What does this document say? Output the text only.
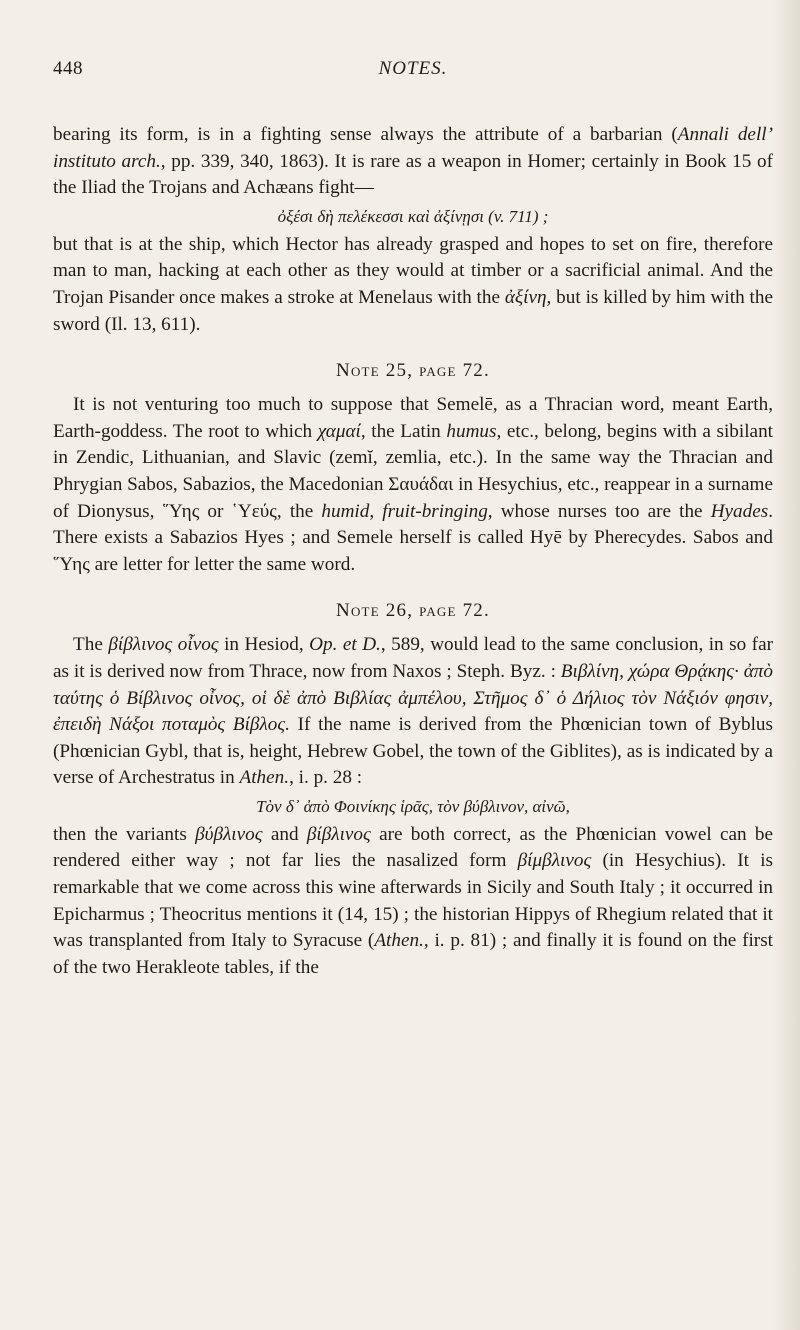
448	NOTES.

bearing its form, is in a fighting sense always the attribute of a barbarian (Annali dell’ instituto arch., pp. 339, 340, 1863). It is rare as a weapon in Homer; certainly in Book 15 of the Iliad the Trojans and Achæans fight—

ὀξέσι δὴ πελέκεσσι καὶ ἀξίνῃσι (v. 711) ;

but that is at the ship, which Hector has already grasped and hopes to set on fire, therefore man to man, hacking at each other as they would at timber or a sacrificial animal. And the Trojan Pisander once makes a stroke at Menelaus with the ἀξίνη, but is killed by him with the sword (Il. 13, 611).

Note 25, page 72.

It is not venturing too much to suppose that Semelē, as a Thracian word, meant Earth, Earth-goddess. The root to which χαμαί, the Latin humus, etc., belong, begins with a sibilant in Zendic, Lithuanian, and Slavic (zemĭ, zemlia, etc.). In the same way the Thracian and Phrygian Sabos, Sabazios, the Macedonian Σαυάδαι in Hesychius, etc., reappear in a surname of Dionysus, ῞Υης or ῾Υεύς, the humid, fruit-bringing, whose nurses too are the Hyades. There exists a Sabazios Hyes ; and Semele herself is called Hyē by Pherecydes. Sabos and ῞Υης are letter for letter the same word.

Note 26, page 72.

The βίβλινος οἶνος in Hesiod, Op. et D., 589, would lead to the same conclusion, in so far as it is derived now from Thrace, now from Naxos ; Steph. Byz. : Βιβλίνη, χώρα Θρᾴκης· ἀπὸ ταύτης ὁ Βίβλινος οἶνος, οἱ δὲ ἀπὸ Βιβλίας ἀμπέλου, Στῆμος δ᾽ ὁ Δήλιος τὸν Νάξιόν φησιν, ἐπειδὴ Νάξοι ποταμὸς Βίβλος. If the name is derived from the Phœnician town of Byblus (Phœnician Gybl, that is, height, Hebrew Gobel, the town of the Giblites), as is indicated by a verse of Archestratus in Athen., i. p. 28 :

Τὸν δ᾽ ἀπὸ Φοινίκης ἱρᾶς, τὸν βύβλινον, αἰνῶ,

then the variants βύβλινος and βίβλινος are both correct, as the Phœnician vowel can be rendered either way ; not far lies the nasalized form βίμβλινος (in Hesychius). It is remarkable that we come across this wine afterwards in Sicily and South Italy ; it occurred in Epicharmus ; Theocritus mentions it (14, 15) ; the historian Hippys of Rhegium related that it was transplanted from Italy to Syracuse (Athen., i. p. 81) ; and finally it is found on the first of the two Herakleote tables, if the
